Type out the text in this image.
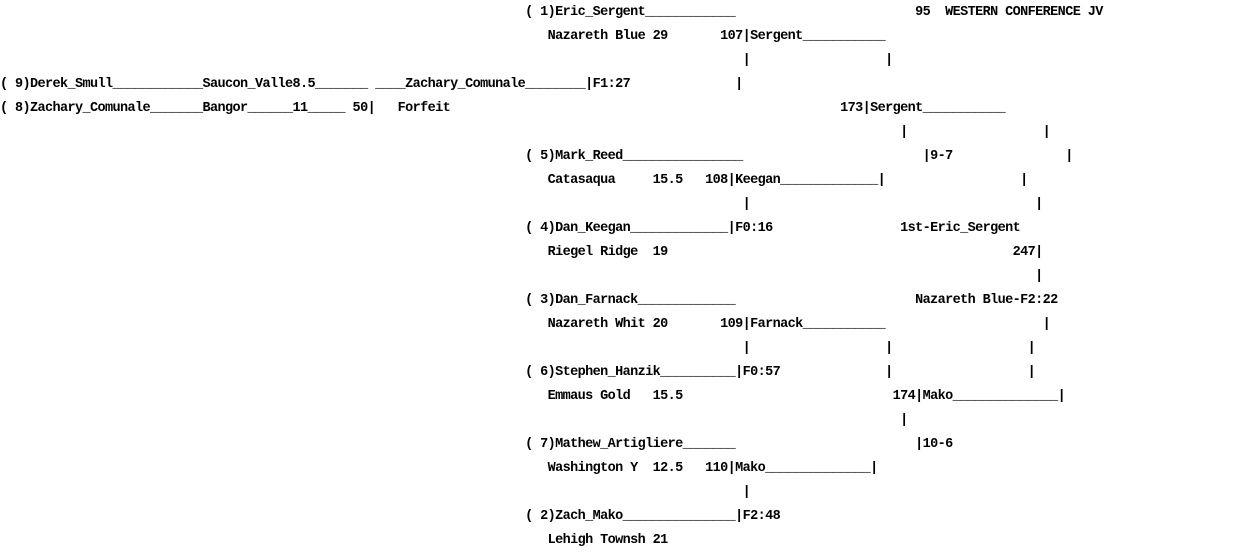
( 1)Eric_Sergent____________                        95  WESTERN CONFERENCE JV
Nazareth Blue 29       107|Sergent___________
|                  |
( 9)Derek_Smull____________Saucon_Valle8.5_______ ____Zachary_Comunale________|F1:27              |
( 8)Zachary_Comunale_______Bangor______11_____ 50|   Forfeit                                                    173|Sergent___________
|                  |
( 5)Mark_Reed________________                        |9-7               |
Catasaqua     15.5   108|Keegan_____________|                  |
|                                      |
( 4)Dan_Keegan_____________|F0:16                 1st-Eric_Sergent
Riegel Ridge  19                                              247|
|
( 3)Dan_Farnack_____________                        Nazareth Blue-F2:22
Nazareth Whit 20       109|Farnack___________                     |
|                  |                  |
( 6)Stephen_Hanzik__________|F0:57              |                  |
Emmaus Gold   15.5                            174|Mako______________|
|
( 7)Mathew_Artigliere_______                        |10-6
Washington Y  12.5   110|Mako______________|
|
( 2)Zach_Mako_______________|F2:48
Lehigh Townsh 21
